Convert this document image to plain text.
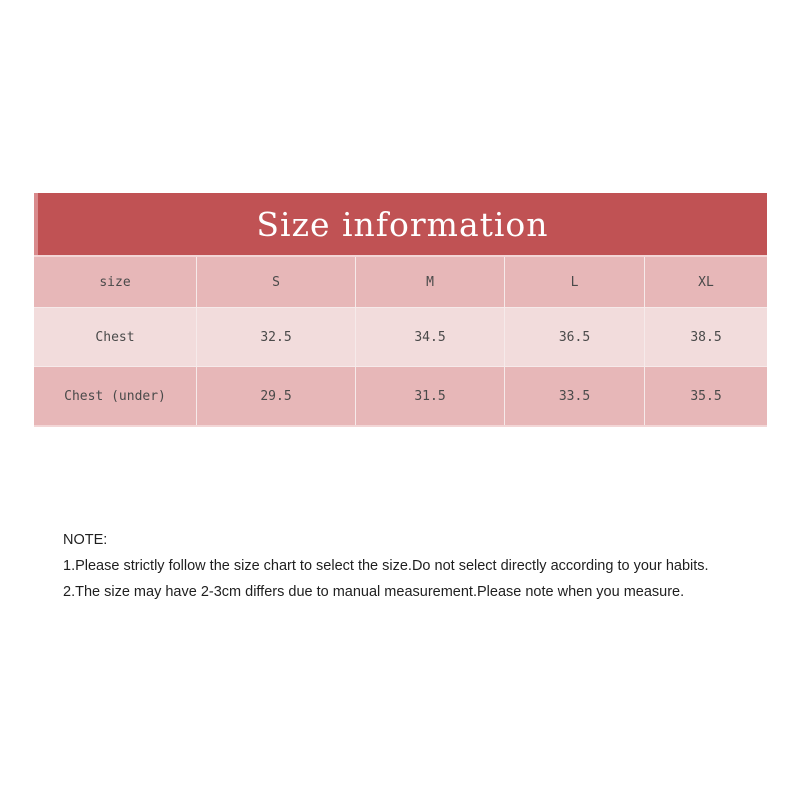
Size information
size	S	M	L	XL
Chest	32.5	34.5	36.5	38.5
Chest (under)	29.5	31.5	33.5	35.5
NOTE:
1.Please strictly follow the size chart to select the size.Do not select directly according to your habits.
2.The size may have 2-3cm differs due to manual measurement.Please note when you measure.
